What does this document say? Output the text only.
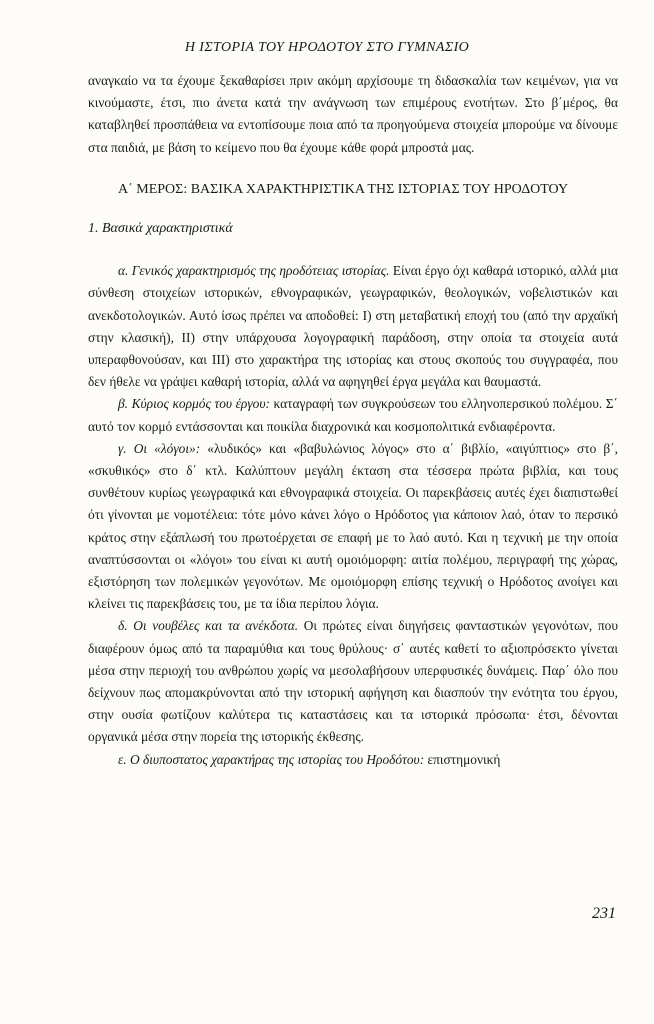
Η ΙΣΤΟΡΙΑ ΤΟΥ ΗΡΟΔΟΤΟΥ ΣΤΟ ΓΥΜΝΑΣΙΟ

αναγκαίο να τα έχουμε ξεκαθαρίσει πριν ακόμη αρχίσουμε τη διδασκαλία των κειμένων, για να κινούμαστε, έτσι, πιο άνετα κατά την ανάγνωση των επιμέρους ενοτήτων. Στο β΄μέρος, θα καταβληθεί προσπάθεια να εντοπίσουμε ποια από τα προηγούμενα στοιχεία μπορούμε να δίνουμε στα παιδιά, με βάση το κείμενο που θα έχουμε κάθε φορά μπροστά μας.

Α΄ ΜΕΡΟΣ: ΒΑΣΙΚΑ ΧΑΡΑΚΤΗΡΙΣΤΙΚΑ ΤΗΣ ΙΣΤΟΡΙΑΣ ΤΟΥ ΗΡΟΔΟΤΟΥ

1. Βασικά χαρακτηριστικά

α. Γενικός χαρακτηρισμός της ηροδότειας ιστορίας. Είναι έργο όχι καθαρά ιστορικό, αλλά μια σύνθεση στοιχείων ιστορικών, εθνογραφικών, γεωγραφικών, θεολογικών, νοβελιστικών και ανεκδοτολογικών. Αυτό ίσως πρέπει να αποδοθεί: Ι) στη μεταβατική εποχή του (από την αρχαϊκή στην κλασική), ΙΙ) στην υπάρχουσα λογογραφική παράδοση, στην οποία τα στοιχεία αυτά υπεραφθονούσαν, και ΙΙΙ) στο χαρακτήρα της ιστορίας και στους σκοπούς του συγγραφέα, που δεν ήθελε να γράψει καθαρή ιστορία, αλλά να αφηγηθεί έργα μεγάλα και θαυμαστά.

β. Κύριος κορμός του έργου: καταγραφή των συγκρούσεων του ελληνοπερσικού πολέμου. Σ΄ αυτό τον κορμό εντάσσονται και ποικίλα διαχρονικά και κοσμοπολιτικά ενδιαφέροντα.

γ. Οι «λόγοι»: «λυδικός» και «βαβυλώνιος λόγος» στο α΄ βιβλίο, «αιγύπτιος» στο β΄, «σκυθικός» στο δ΄ κτλ. Καλύπτουν μεγάλη έκταση στα τέσσερα πρώτα βιβλία, και τους συνθέτουν κυρίως γεωγραφικά και εθνογραφικά στοιχεία. Οι παρεκβάσεις αυτές έχει διαπιστωθεί ότι γίνονται με νομοτέλεια: τότε μόνο κάνει λόγο ο Ηρόδοτος για κάποιον λαό, όταν το περσικό κράτος στην εξάπλωσή του πρωτοέρχεται σε επαφή με το λαό αυτό. Και η τεχνική με την οποία αναπτύσσονται οι «λόγοι» του είναι κι αυτή ομοιόμορφη: αιτία πολέμου, περιγραφή της χώρας, εξιστόρηση των πολεμικών γεγονότων. Με ομοιόμορφη επίσης τεχνική ο Ηρόδοτος ανοίγει και κλείνει τις παρεκβάσεις του, με τα ίδια περίπου λόγια.

δ. Οι νουβέλες και τα ανέκδοτα. Οι πρώτες είναι διηγήσεις φανταστικών γεγονότων, που διαφέρουν όμως από τα παραμύθια και τους θρύλους· σ΄ αυτές καθετί το αξιοπρόσεκτο γίνεται μέσα στην περιοχή του ανθρώπου χωρίς να μεσολαβήσουν υπερφυσικές δυνάμεις. Παρ΄ όλο που δείχνουν πως απομακρύνονται από την ιστορική αφήγηση και διασπούν την ενότητα του έργου, στην ουσία φωτίζουν καλύτερα τις καταστάσεις και τα ιστορικά πρόσωπα· έτσι, δένονται οργανικά μέσα στην πορεία της ιστορικής έκθεσης.

ε. Ο διυποστατος χαρακτήρας της ιστορίας του Ηροδότου: επιστημονική

231
